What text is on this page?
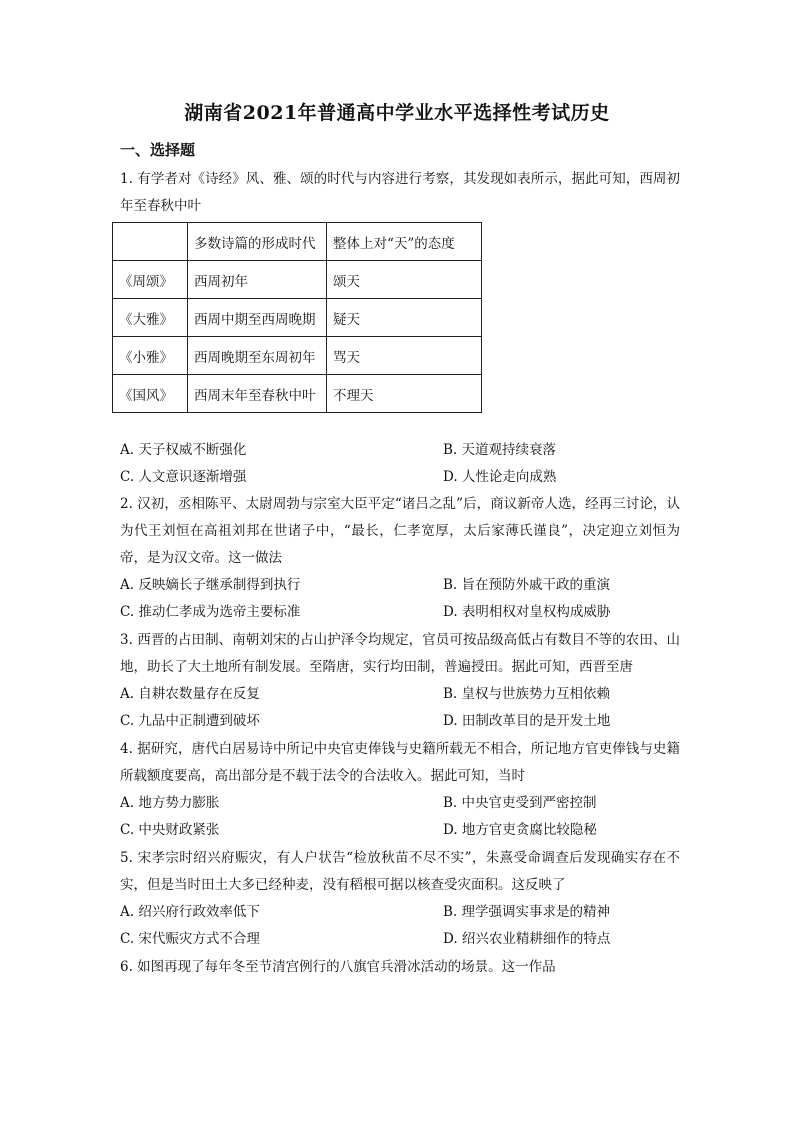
湖南省2021年普通高中学业水平选择性考试历史
一、选择题
1. 有学者对《诗经》风、雅、颂的时代与内容进行考察，其发现如表所示，据此可知，西周初年至春秋中叶
	多数诗篇的形成时代	整体上对“天”的态度
《周颂》	西周初年	颂天
《大雅》	西周中期至西周晚期	疑天
《小雅》	西周晚期至东周初年	骂天
《国风》	西周末年至春秋中叶	不理天
A. 天子权威不断强化	B. 天道观持续衰落
C. 人文意识逐渐增强	D. 人性论走向成熟
2. 汉初，丞相陈平、太尉周勃与宗室大臣平定“诸吕之乱”后，商议新帝人选，经再三讨论，认为代王刘恒在高祖刘邦在世诸子中，“最长，仁孝宽厚，太后家薄氏谨良”，决定迎立刘恒为帝，是为汉文帝。这一做法
A. 反映嫡长子继承制得到执行	B. 旨在预防外戚干政的重演
C. 推动仁孝成为选帝主要标准	D. 表明相权对皇权构成威胁
3. 西晋的占田制、南朝刘宋的占山护泽令均规定，官员可按品级高低占有数目不等的农田、山地，助长了大土地所有制发展。至隋唐，实行均田制，普遍授田。据此可知，西晋至唐
A. 自耕农数量存在反复	B. 皇权与世族势力互相依赖
C. 九品中正制遭到破坏	D. 田制改革目的是开发土地
4. 据研究，唐代白居易诗中所记中央官吏俸钱与史籍所载无不相合，所记地方官吏俸钱与史籍所载额度要高，高出部分是不载于法令的合法收入。据此可知，当时
A. 地方势力膨胀	B. 中央官吏受到严密控制
C. 中央财政紧张	D. 地方官吏贪腐比较隐秘
5. 宋孝宗时绍兴府赈灾，有人户状告“检放秋苗不尽不实”，朱熹受命调查后发现确实存在不实，但是当时田土大多已经种麦，没有稻根可据以核查受灾面积。这反映了
A. 绍兴府行政效率低下	B. 理学强调实事求是的精神
C. 宋代赈灾方式不合理	D. 绍兴农业精耕细作的特点
6. 如图再现了每年冬至节清宫例行的八旗官兵滑冰活动的场景。这一作品
